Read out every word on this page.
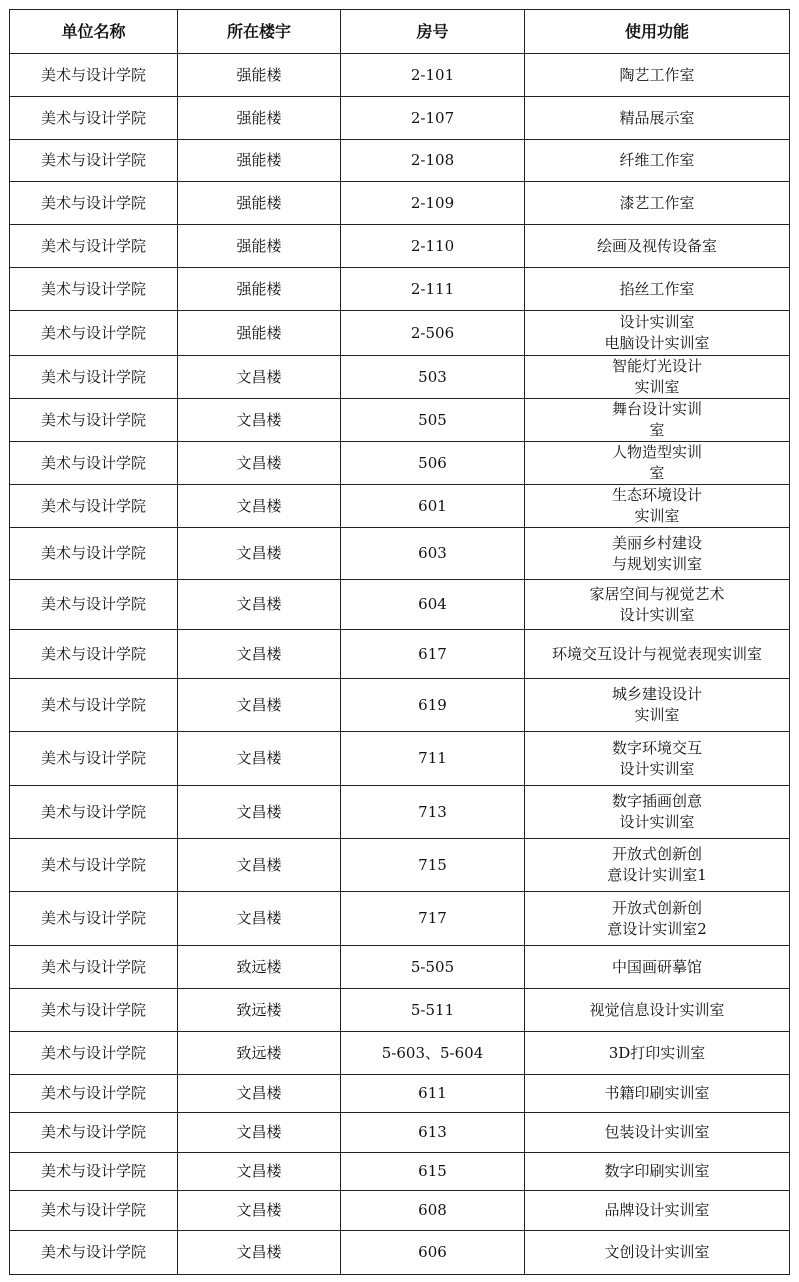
单位名称	所在楼宇	房号	使用功能
美术与设计学院	强能楼	2-101	陶艺工作室
美术与设计学院	强能楼	2-107	精品展示室
美术与设计学院	强能楼	2-108	纤维工作室
美术与设计学院	强能楼	2-109	漆艺工作室
美术与设计学院	强能楼	2-110	绘画及视传设备室
美术与设计学院	强能楼	2-111	掐丝工作室
美术与设计学院	强能楼	2-506	设计实训室
电脑设计实训室
美术与设计学院	文昌楼	503	智能灯光设计
实训室
美术与设计学院	文昌楼	505	舞台设计实训
室
美术与设计学院	文昌楼	506	人物造型实训
室
美术与设计学院	文昌楼	601	生态环境设计
实训室
美术与设计学院	文昌楼	603	美丽乡村建设
与规划实训室
美术与设计学院	文昌楼	604	家居空间与视觉艺术
设计实训室
美术与设计学院	文昌楼	617	环境交互设计与视觉表现实训室
美术与设计学院	文昌楼	619	城乡建设设计
实训室
美术与设计学院	文昌楼	711	数字环境交互
设计实训室
美术与设计学院	文昌楼	713	数字插画创意
设计实训室
美术与设计学院	文昌楼	715	开放式创新创
意设计实训室1
美术与设计学院	文昌楼	717	开放式创新创
意设计实训室2
美术与设计学院	致远楼	5-505	中国画研摹馆
美术与设计学院	致远楼	5-511	视觉信息设计实训室
美术与设计学院	致远楼	5-603、5-604	3D打印实训室
美术与设计学院	文昌楼	611	书籍印刷实训室
美术与设计学院	文昌楼	613	包装设计实训室
美术与设计学院	文昌楼	615	数字印刷实训室
美术与设计学院	文昌楼	608	品牌设计实训室
美术与设计学院	文昌楼	606	文创设计实训室
